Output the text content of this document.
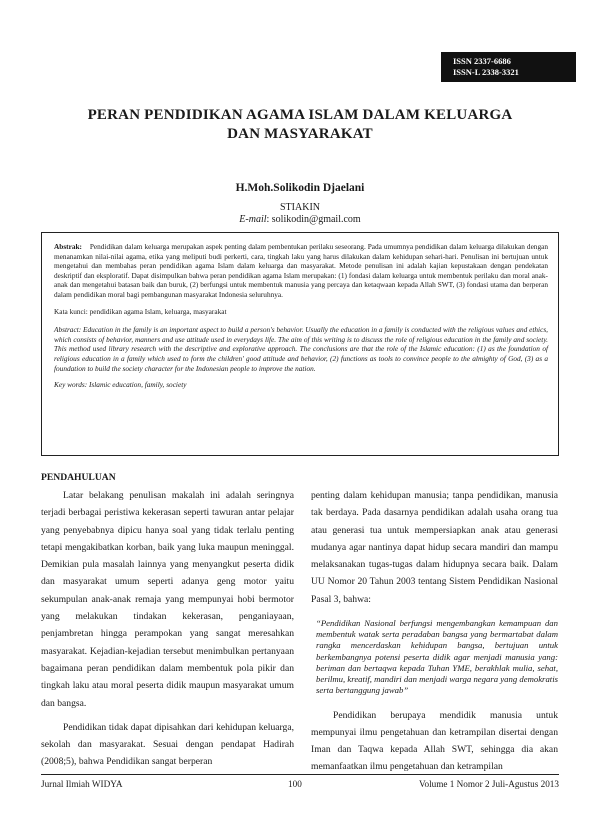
ISSN 2337-6686
ISSN-L 2338-3321
PERAN PENDIDIKAN AGAMA ISLAM DALAM KELUARGA
DAN MASYARAKAT
H.Moh.Solikodin Djaelani
STIAKIN
E-mail: solikodin@gmail.com

Abstrak: Pendidikan dalam keluarga merupakan aspek penting dalam pembentukan perilaku seseorang. Pada umumnya pendidikan dalam keluarga dilakukan dengan menanamkan nilai-nilai agama, etika yang meliputi budi perkerti, cara, tingkah laku yang harus dilakukan dalam kehidupan sehari-hari. Penulisan ini bertujuan untuk mengetahui dan membahas peran pendidikan agama Islam dalam keluarga dan masyarakat. Metode penulisan ini adalah kajian kepustakaan dengan pendekatan deskriptif dan eksploratif. Dapat disimpulkan bahwa peran pendidikan agama Islam merupakan: (1) fondasi dalam keluarga untuk membentuk perilaku dan moral anak-anak dan mengetahui batasan baik dan buruk, (2) berfungsi untuk membentuk manusia yang percaya dan ketaqwaan kepada Allah SWT, (3) fondasi utama dan berperan dalam pendidikan moral bagi pembangunan masyarakat Indonesia seluruhnya.

Kata kunci: pendidikan agama Islam, keluarga, masyarakat

Abstract: Education in the family is an important aspect to build a person's behavior. Usually the education in a family is conducted with the religious values and ethics, which consists of behavior, manners and use attitude used in everydays life. The aim of this writing is to discuss the role of religious education in the family and society. This method used library research with the descriptive and explorative approach. The conclusions are that the role of the Islamic education: (1) as the foundation of religious education in a family which used to form the children' good attitude and behavior, (2) functions as tools to convince people to the almighty of God, (3) as a foundation to build the society character for the Indonesian people to improve the nation.

Key words: Islamic education, family, society

PENDAHULUAN

Latar belakang penulisan makalah ini adalah seringnya terjadi berbagai peristiwa kekerasan seperti tawuran antar pelajar yang penyebabnya dipicu hanya soal yang tidak terlalu penting tetapi mengakibatkan korban, baik yang luka maupun meninggal. Demikian pula masalah lainnya yang menyangkut peserta didik dan masyarakat umum seperti adanya geng motor yaitu sekumpulan anak-anak remaja yang mempunyai hobi bermotor yang melakukan tindakan kekerasan, penganiayaan, penjambretan hingga perampokan yang sangat meresahkan masyarakat. Kejadian-kejadian tersebut menimbulkan pertanyaan bagaimana peran pendidikan dalam membentuk pola pikir dan tingkah laku atau moral peserta didik maupun masyarakat umum dan bangsa.

Pendidikan tidak dapat dipisahkan dari kehidupan keluarga, sekolah dan masyarakat. Sesuai dengan pendapat Hadirah (2008;5), bahwa Pendidikan sangat berperan

penting dalam kehidupan manusia; tanpa pendidikan, manusia tak berdaya. Pada dasarnya pendidikan adalah usaha orang tua atau generasi tua untuk mempersiapkan anak atau generasi mudanya agar nantinya dapat hidup secara mandiri dan mampu melaksanakan tugas-tugas dalam hidupnya secara baik. Dalam UU Nomor 20 Tahun 2003 tentang Sistem Pendidikan Nasional Pasal 3, bahwa:

“Pendidikan Nasional berfungsi mengembangkan kemampuan dan membentuk watak serta peradaban bangsa yang bermartabat dalam rangka mencerdaskan kehidupan bangsa, bertujuan untuk berkembangnya potensi peserta didik agar menjadi manusia yang: beriman dan bertaqwa kepada Tuhan YME, berakhlak mulia, sehat, berilmu, kreatif, mandiri dan menjadi warga negara yang demokratis serta bertanggung jawab”

Pendidikan berupaya mendidik manusia untuk mempunyai ilmu pengetahuan dan ketrampilan disertai dengan Iman dan Taqwa kepada Allah SWT, sehingga dia akan memanfaatkan ilmu pengetahuan dan ketrampilan

Jurnal Ilmiah WIDYA	100	Volume 1 Nomor 2 Juli-Agustus 2013
